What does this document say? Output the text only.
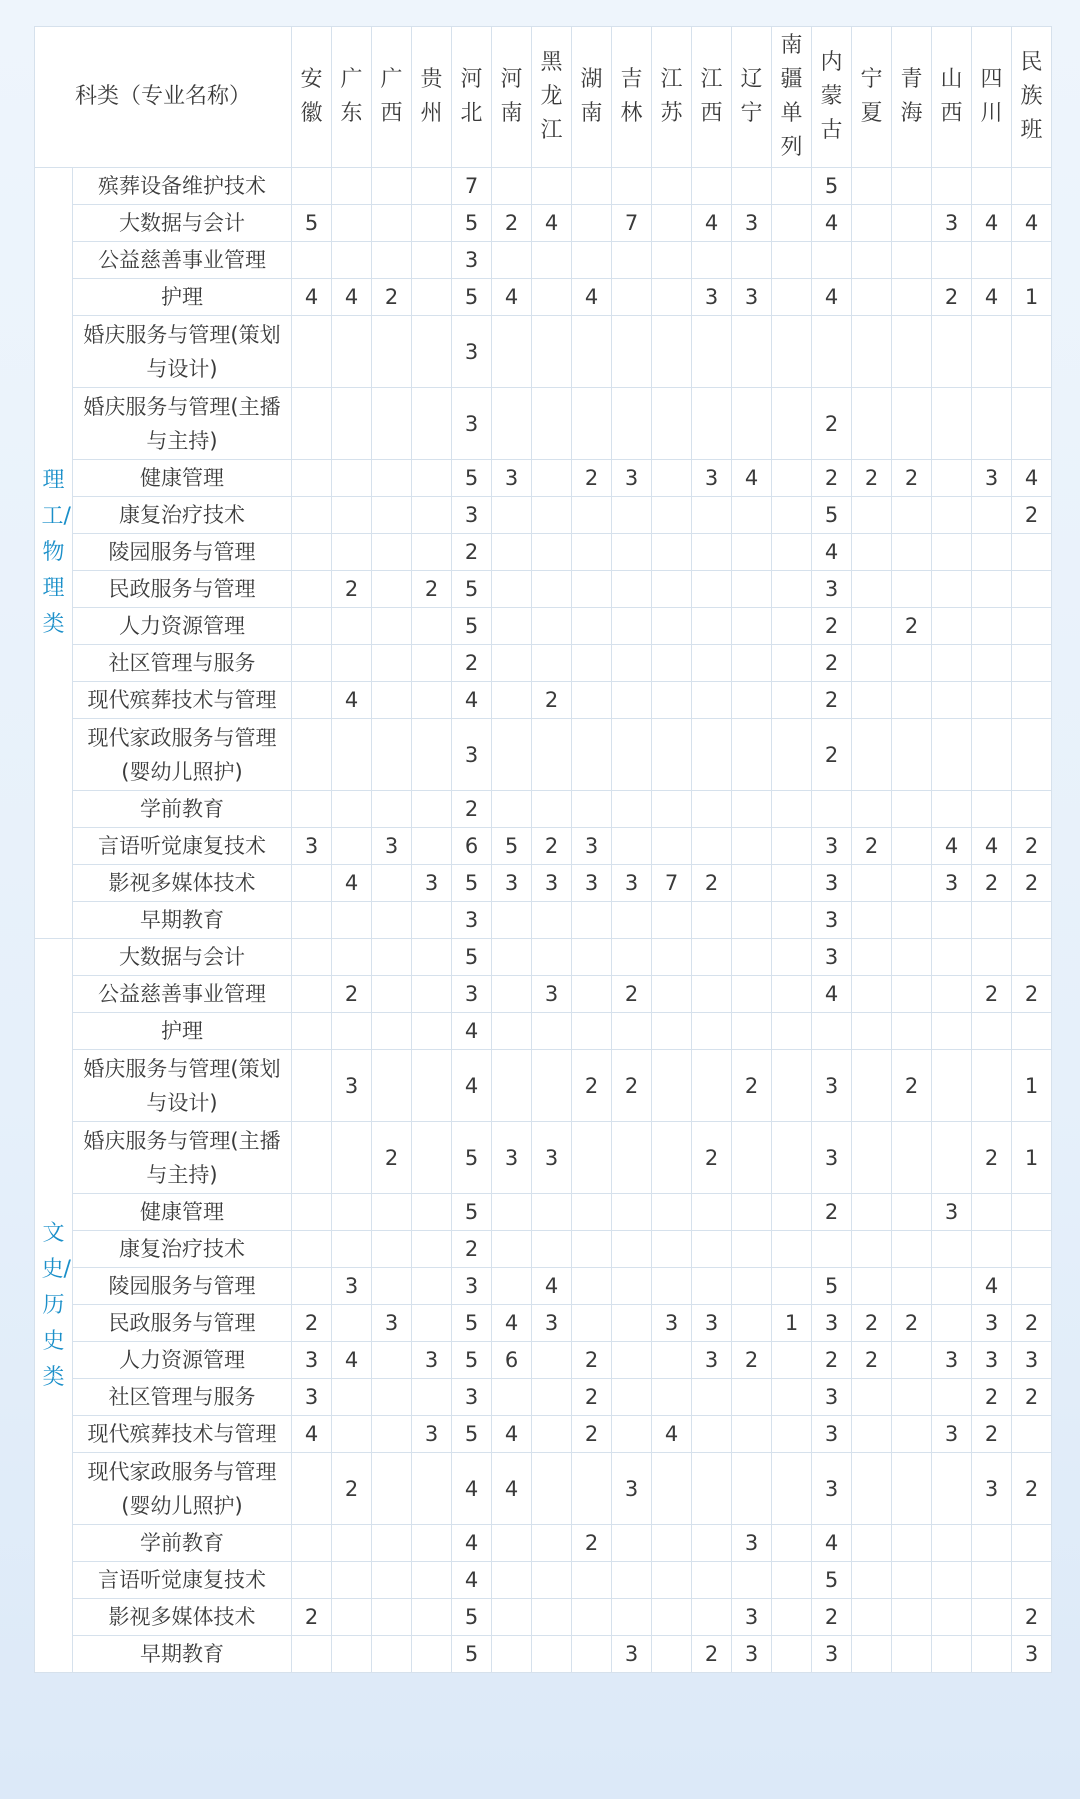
科类（专业名称）		安徽	广东	广西	贵州	河北	河南	黑龙江	湖南	吉林	江苏	江西	辽宁	南疆单列	内蒙古	宁夏	青海	山西	四川	民族班
理工/物理类	殡葬设备维护技术					7									5					
	大数据与会计	5				5	2	4		7		4	3		4			3	4	4
	公益慈善事业管理					3														
	护理	4	4	2		5	4		4			3	3		4			2	4	1
	婚庆服务与管理(策划与设计)					3														
	婚庆服务与管理(主播与主持)					3									2					
	健康管理					5	3		2	3		3	4		2	2	2		3	4
	康复治疗技术					3									5					2
	陵园服务与管理					2									4					
	民政服务与管理		2		2	5									3					
	人力资源管理					5									2		2			
	社区管理与服务					2									2					
	现代殡葬技术与管理		4			4		2							2					
	现代家政服务与管理(婴幼儿照护)					3									2					
	学前教育					2														
	言语听觉康复技术	3		3		6	5	2	3						3	2		4	4	2
	影视多媒体技术		4		3	5	3	3	3	3	7	2			3			3	2	2
	早期教育					3									3					
文史/历史类	大数据与会计					5									3					
	公益慈善事业管理		2			3		3		2					4				2	2
	护理					4														
	婚庆服务与管理(策划与设计)		3			4			2	2			2		3		2			1
	婚庆服务与管理(主播与主持)			2		5	3	3				2			3				2	1
	健康管理					5									2			3		
	康复治疗技术					2														
	陵园服务与管理		3			3		4							5				4	
	民政服务与管理	2		3		5	4	3			3	3		1	3	2	2		3	2
	人力资源管理	3	4		3	5	6		2			3	2		2	2		3	3	3
	社区管理与服务	3				3			2						3				2	2
	现代殡葬技术与管理	4			3	5	4		2		4				3			3	2	
	现代家政服务与管理(婴幼儿照护)		2			4	4			3					3				3	2
	学前教育					4			2				3		4					
	言语听觉康复技术					4									5					
	影视多媒体技术	2				5							3		2					2
	早期教育					5				3		2	3		3					3
